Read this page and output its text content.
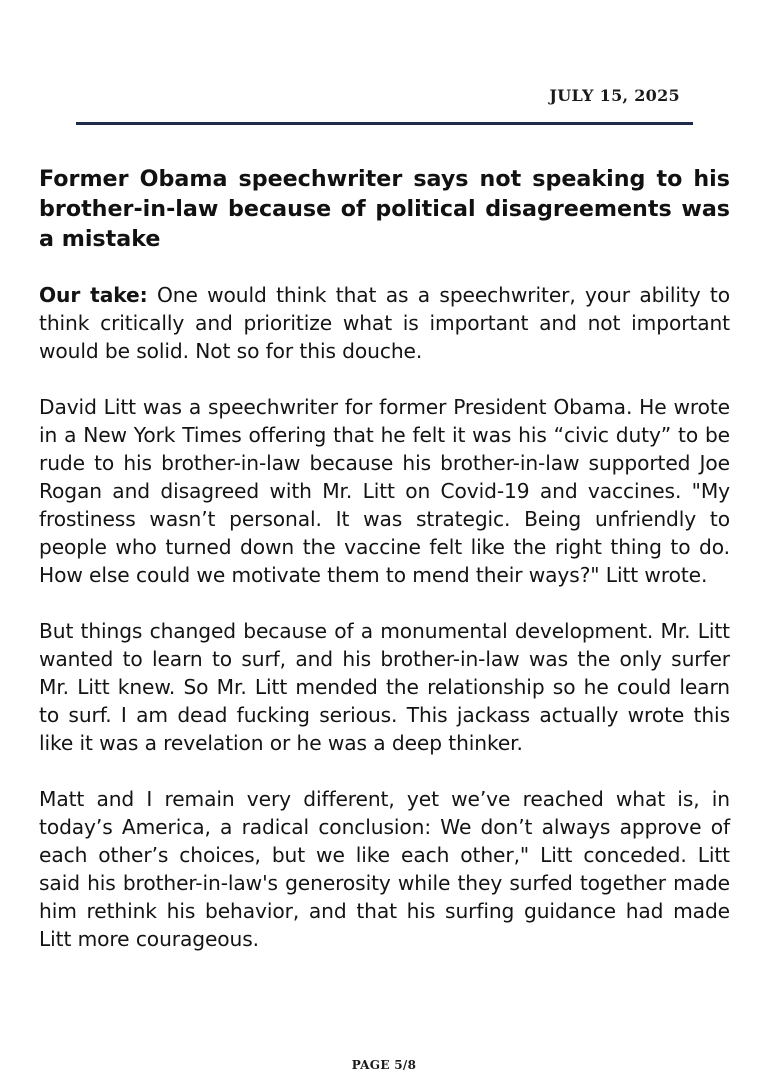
JULY 15, 2025
Former Obama speechwriter says not speaking to his brother-in-law because of political disagreements was a mistake

Our take: One would think that as a speechwriter, your ability to think critically and prioritize what is important and not important would be solid. Not so for this douche.

David Litt was a speechwriter for former President Obama. He wrote in a New York Times offering that he felt it was his “civic duty” to be rude to his brother-in-law because his brother-in-law supported Joe Rogan and disagreed with Mr. Litt on Covid-19 and vaccines. "My frostiness wasn’t personal. It was strategic. Being unfriendly to people who turned down the vaccine felt like the right thing to do. How else could we motivate them to mend their ways?" Litt wrote.

But things changed because of a monumental development. Mr. Litt wanted to learn to surf, and his brother-in-law was the only surfer Mr. Litt knew. So Mr. Litt mended the relationship so he could learn to surf. I am dead fucking serious. This jackass actually wrote this like it was a revelation or he was a deep thinker.

Matt and I remain very different, yet we’ve reached what is, in today’s America, a radical conclusion: We don’t always approve of each other’s choices, but we like each other," Litt conceded. Litt said his brother-in-law's generosity while they surfed together made him rethink his behavior, and that his surfing guidance had made Litt more courageous.

PAGE 5/8
